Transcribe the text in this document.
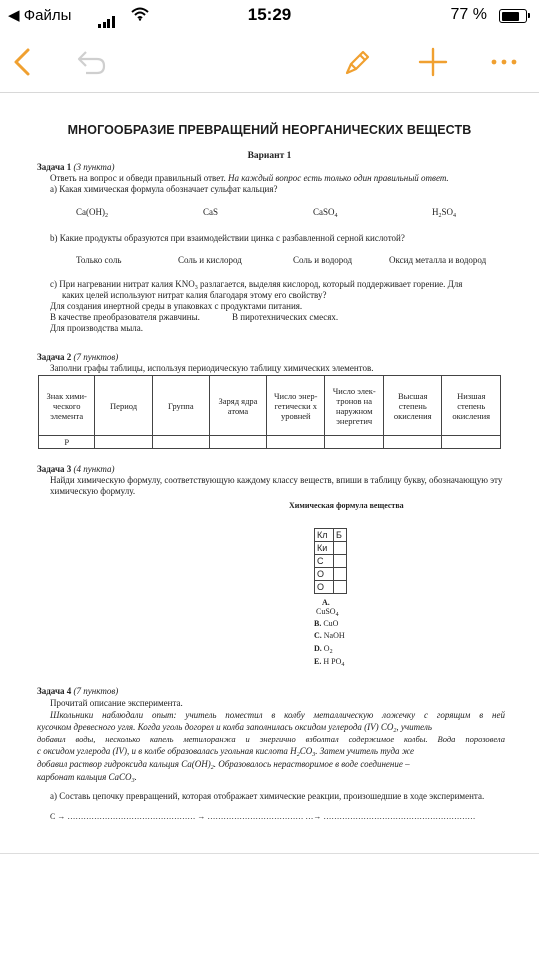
◀ Файлы	15:29	77 %
МНОГООБРАЗИЕ ПРЕВРАЩЕНИЙ НЕОРГАНИЧЕСКИХ ВЕЩЕСТВ
Вариант 1
Задача 1 (3 пункта)
Ответь на вопрос и обведи правильный ответ. На каждый вопрос есть только один правильный ответ.
а) Какая химическая формула обозначает сульфат кальция?
$Ca(OH)_2$	CaS	CaSO$_4$	$H_2SO_4$
b) Какие продукты образуются при взаимодействии цинка с разбавленной серной кислотой?
Только соль	Соль и кислород	Соль и водород	Оксид металла и водород
c) При нагревании нитрат калия $KNO_3$ разлагается, выделяя кислород, который поддерживает горение. Для
каких целей используют нитрат калия благодаря этому его свойству?
Для создания инертной среды в упаковках с продуктами питания.
В качестве преобразователя ржавчины.	В пиротехнических смесях.
Для производства мыла.
Задача 2 (7 пунктов)
Заполни графы таблицы, используя периодическую таблицу химических элементов.
Знак хими- ческого элемента	Период	Группа	Заряд ядра атома	Число энер- гетически х уровней	Число элек- тронов на наружном энергетич	Высшая степень окисления	Низшая степень окисления
P							
Задача 3 (4 пункта)
Найди химическую формулу, соответствующую каждому классу веществ, впиши в таблицу букву, обозначающую эту
химическую формулу.
Химическая формула вещества
Кл	Б
Ки	
С	
О	
О	
A.
CuSO$_4$
B. CuO
C. NaOH
D. $O_2$
E. H $PO_4$
Задача 4 (7 пунктов)
Прочитай описание эксперимента.
Школьники наблюдали опыт: учитель поместил в колбу металлическую ложечку с горящим в ней
кусочком древесного угля. Когда уголь догорел и колба заполнилась оксидом углерода (IV) $CO_2$, учитель
добавил воды, несколько капель метилоранжа и энергично взболтал содержимое колбы. Вода порозовела
с оксидом углерода (IV), и в колбе образовалась угольная кислота $H_2CO_3$. Затем учитель туда же
добавил раствор гидроксида кальция $Ca(OH)_2$. Образовалось нерастворимое в воде соединение –
карбонат кальция CaCO$_3$.
а) Составь цепочку превращений, которая отображает химические реакции, произошедшие в ходе эксперимента.
C → ………………………………………… → ……………………………… …→ …………………………………………………
